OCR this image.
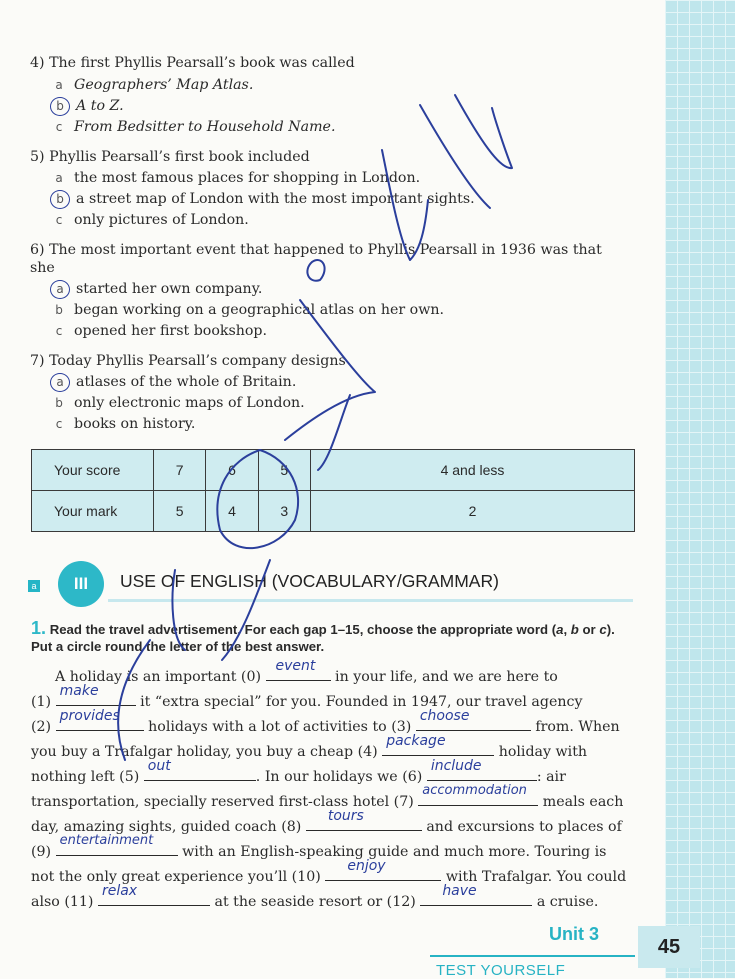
4) The first Phyllis Pearsall’s book was called
a Geographers’ Map Atlas.
b A to Z.
c From Bedsitter to Household Name.
5) Phyllis Pearsall’s first book included
a the most famous places for shopping in London.
b a street map of London with the most important sights.
c only pictures of London.
6) The most important event that happened to Phyllis Pearsall in 1936 was that
she
a started her own company.
b began working on a geographical atlas on her own.
c opened her first bookshop.
7) Today Phyllis Pearsall’s company designs
a atlases of the whole of Britain.
b only electronic maps of London.
c books on history.
Your score	7	6	5	4 and less
Your mark	5	4	3	2
a	III	USE OF ENGLISH (VOCABULARY/GRAMMAR)
1. Read the travel advertisement. For each gap 1–15, choose the appropriate word (a, b or c). Put a circle round the letter of the best answer.
A holiday is an important (0)
event
in your life, and we are here to
(1)
make
it “extra special” for you. Founded in 1947, our travel agency
(2)
provides
holidays with a lot of activities to (3)
choose
from. When
you buy a Trafalgar holiday, you buy a cheap (4)
package
holiday with
nothing left (5)
out
. In our holidays we (6)
include
: air
transportation, specially reserved first-class hotel (7)
accommodation
meals each
day, amazing sights, guided coach (8)
tours
and excursions to places of
(9)
entertainment
with an English-speaking guide and much more. Touring is
not the only great experience you’ll (10)
enjoy
with Trafalgar. You could
also (11)
relax
at the seaside resort or (12)
have
a cruise.
Unit 3
45
TEST YOURSELF
